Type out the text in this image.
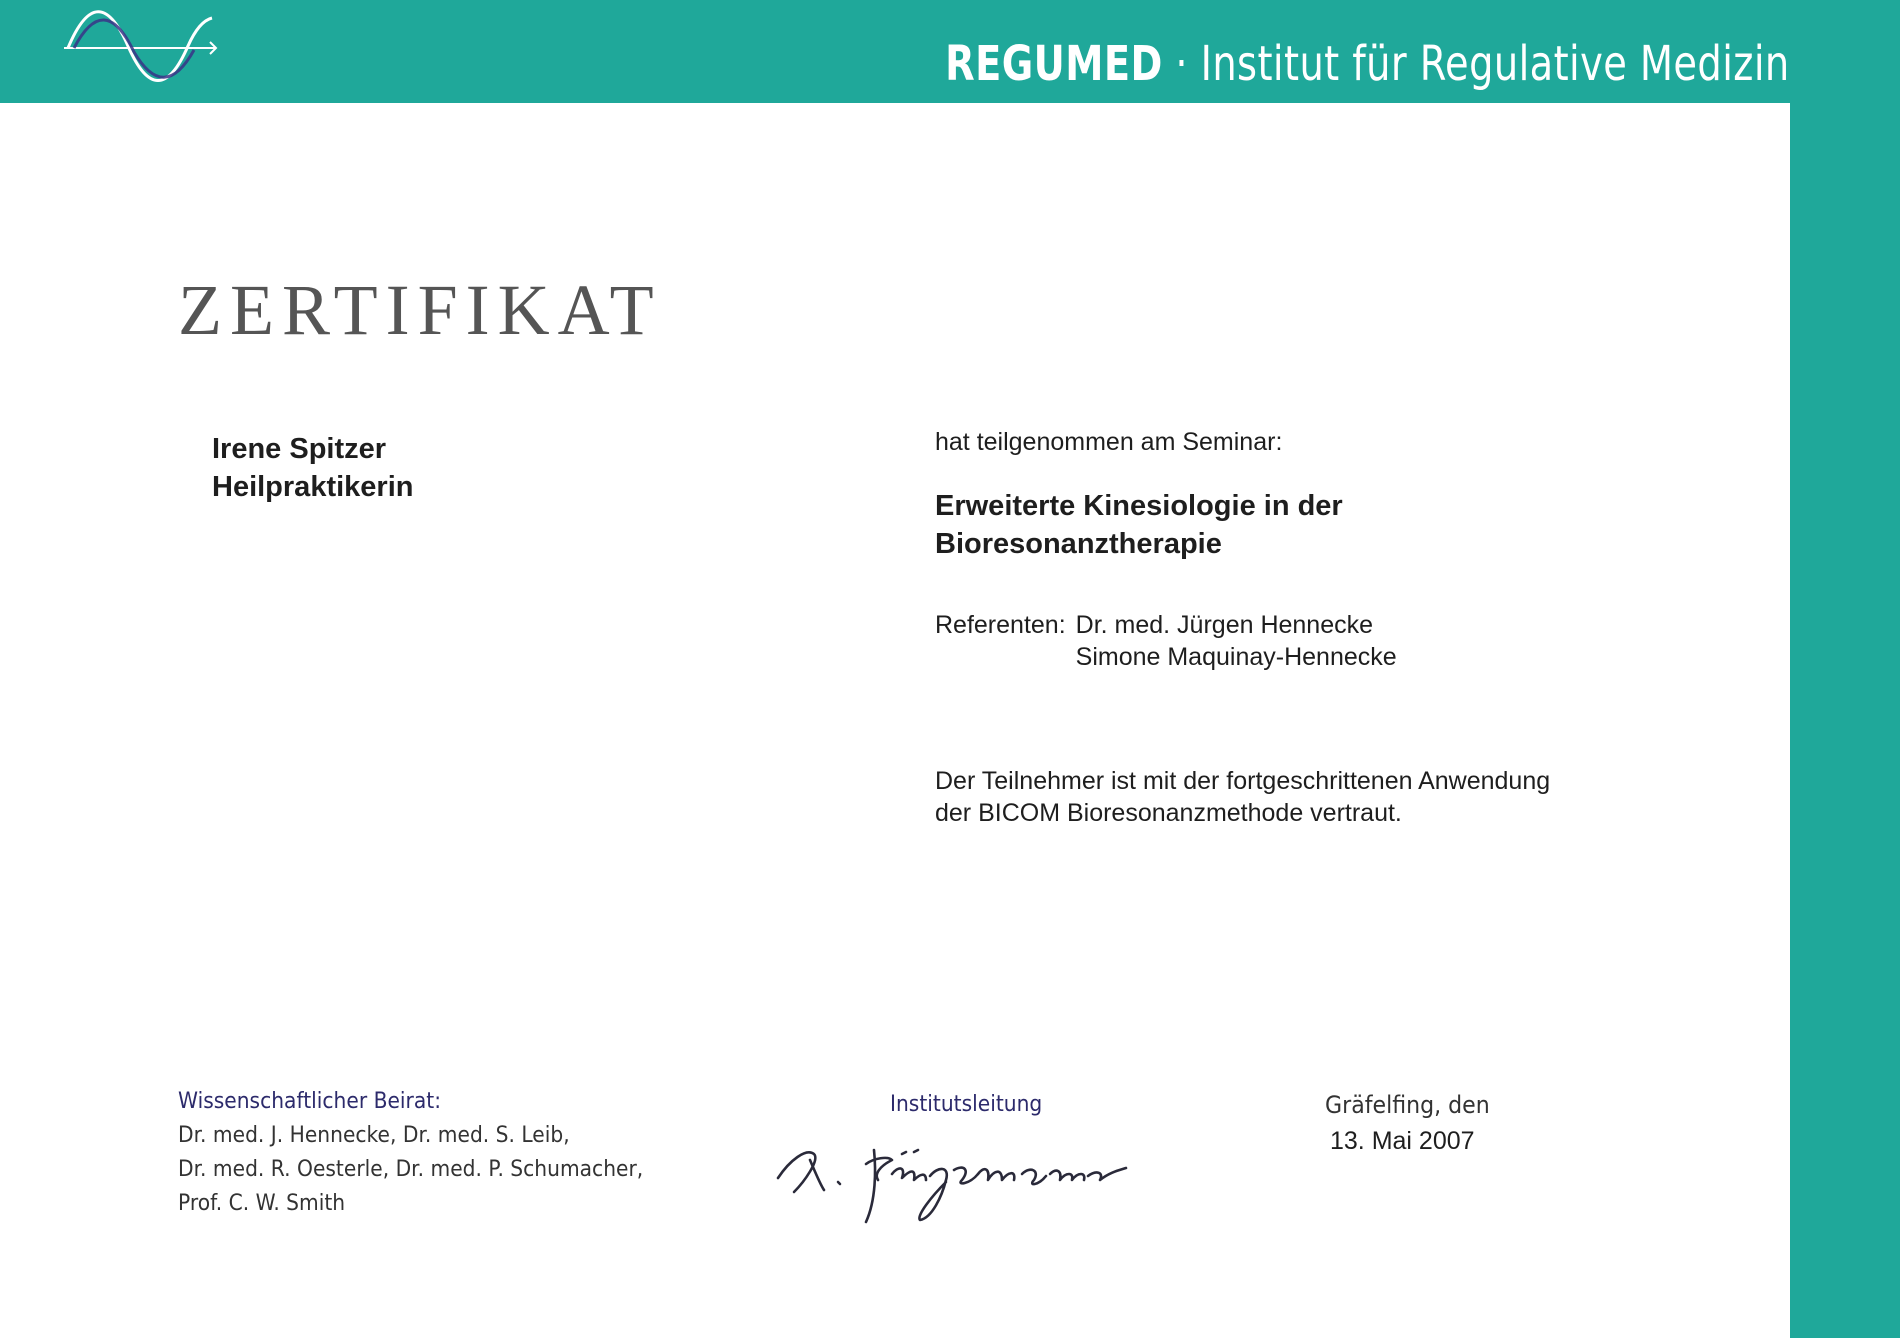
REGUMED · Institut für Regulative Medizin
ZERTIFIKAT
Irene Spitzer
Heilpraktikerin

hat teilgenommen am Seminar:

Erweiterte Kinesiologie in der
Bioresonanztherapie
Referenten: Dr. med. Jürgen Hennecke
Simone Maquinay-Hennecke
Der Teilnehmer ist mit der fortgeschrittenen Anwendung
der BICOM Bioresonanzmethode vertraut.
Wissenschaftlicher Beirat:
Dr. med. J. Hennecke, Dr. med. S. Leib,
Dr. med. R. Oesterle, Dr. med. P. Schumacher,
Prof. C. W. Smith
Institutsleitung	Gräfelfing, den
13. Mai 2007
